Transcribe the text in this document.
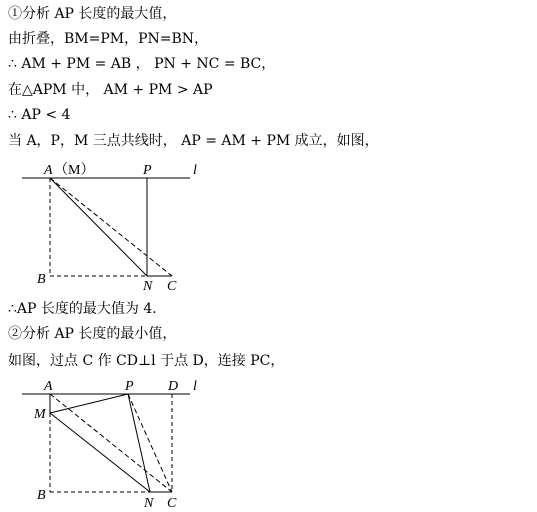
①分析 AP 长度的最大值，
由折叠，BM=PM，PN=BN，
∴ AM + PM = AB ， PN + NC = BC，
在△APM 中， AM + PM > AP
∴ AP < 4
当 A，P，M 三点共线时， AP = AM + PM 成立，如图，
∴AP 长度的最大值为 4．
②分析 AP 长度的最小值，
如图，过点 C 作 CD⊥l 于点 D，连接 PC，
A （M）	P	l
B	N C
A	P D l
M
B
N C
